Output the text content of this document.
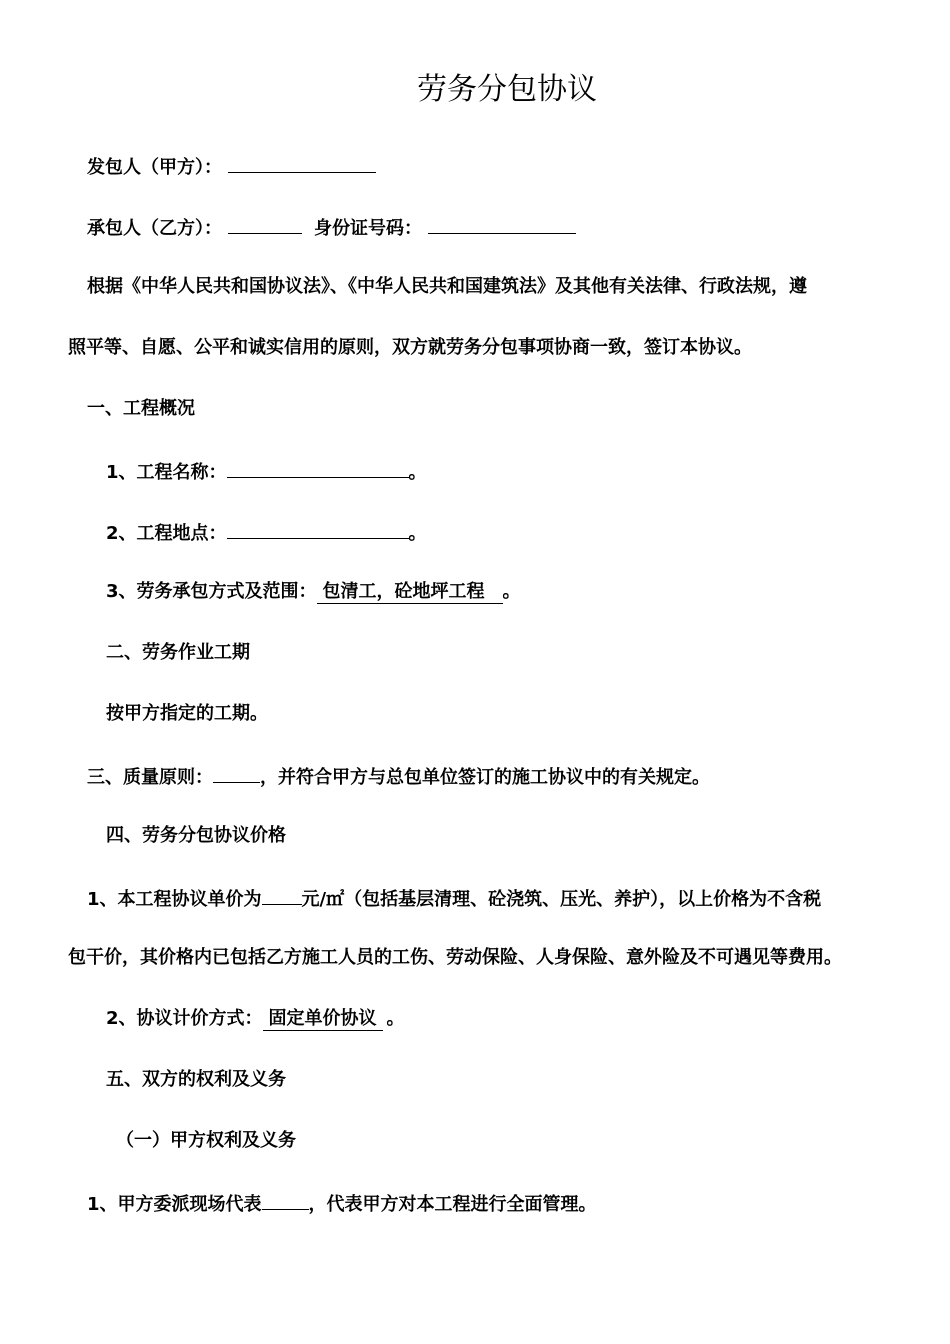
劳务分包协议
发包人（甲方）：
承包人（乙方）：	身份证号码：
根据《中华人民共和国协议法》、《中华人民共和国建筑法》及其他有关法律、行政法规，遵
照平等、自愿、公平和诚实信用的原则，双方就劳务分包事项协商一致，签订本协议。
一、工程概况
1、工程名称：	。
2、工程地点：	。
3、劳务承包方式及范围： 包清工，砼地坪工程 。
二、劳务作业工期
按甲方指定的工期。
三、质量原则：	，并符合甲方与总包单位签订的施工协议中的有关规定。
四、劳务分包协议价格
1、本工程协议单价为 元/㎡（包括基层清理、砼浇筑、压光、养护），以上价格为不含税
包干价，其价格内已包括乙方施工人员的工伤、劳动保险、人身保险、意外险及不可遇见等费用。
2、协议计价方式： 固定单价协议 。
五、双方的权利及义务
（一）甲方权利及义务
1、甲方委派现场代表	，代表甲方对本工程进行全面管理。
